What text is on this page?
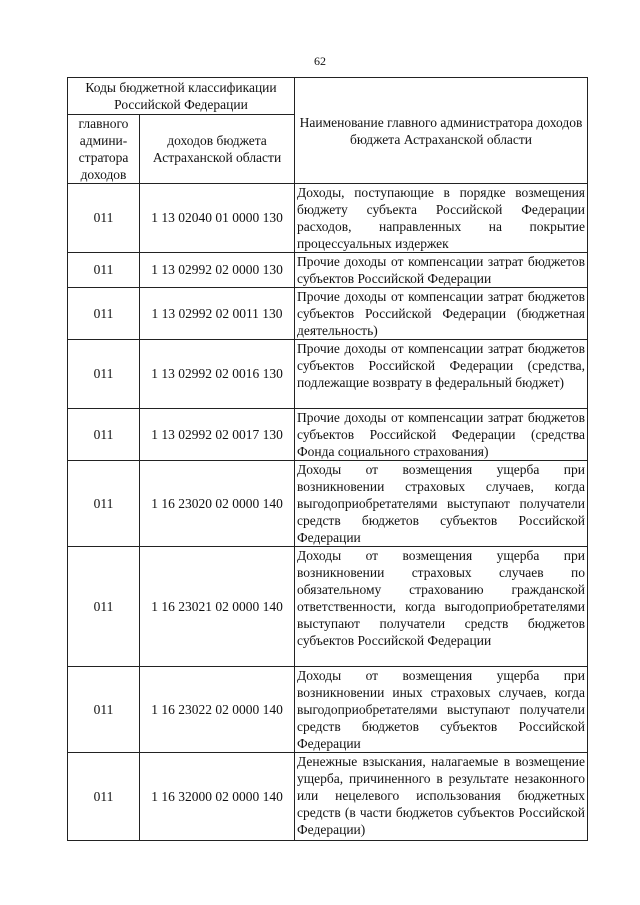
62
Коды бюджетной классификации Российской Федерации		Наименование главного администратора доходов бюджета Астраханской области
главного админи-стратора доходов	доходов бюджета Астраханской области	
011	1 13 02040 01 0000 130	Доходы, поступающие в порядке возмещения бюджету субъекта Российской Федерации расходов, направленных на покрытие процессуальных издержек
011	1 13 02992 02 0000 130	Прочие доходы от компенсации затрат бюджетов субъектов Российской Федерации
011	1 13 02992 02 0011 130	Прочие доходы от компенсации затрат бюджетов субъектов Российской Федерации (бюджетная деятельность)
011	1 13 02992 02 0016 130	Прочие доходы от компенсации затрат бюджетов субъектов Российской Федерации (средства, подлежащие возврату в федеральный бюджет)
011	1 13 02992 02 0017 130	Прочие доходы от компенсации затрат бюджетов субъектов Российской Федерации (средства Фонда социального страхования)
011	1 16 23020 02 0000 140	Доходы от возмещения ущерба при возникновении страховых случаев, когда выгодоприобретателями выступают получатели средств бюджетов субъектов Российской Федерации
011	1 16 23021 02 0000 140	Доходы от возмещения ущерба при возникновении страховых случаев по обязательному страхованию гражданской ответственности, когда выгодоприобретателями выступают получатели средств бюджетов субъектов Российской Федерации
011	1 16 23022 02 0000 140	Доходы от возмещения ущерба при возникновении иных страховых случаев, когда выгодоприобретателями выступают получатели средств бюджетов субъектов Российской Федерации
011	1 16 32000 02 0000 140	Денежные взыскания, налагаемые в возмещение ущерба, причиненного в результате незаконного или нецелевого использования бюджетных средств (в части бюджетов субъектов Российской Федерации)
